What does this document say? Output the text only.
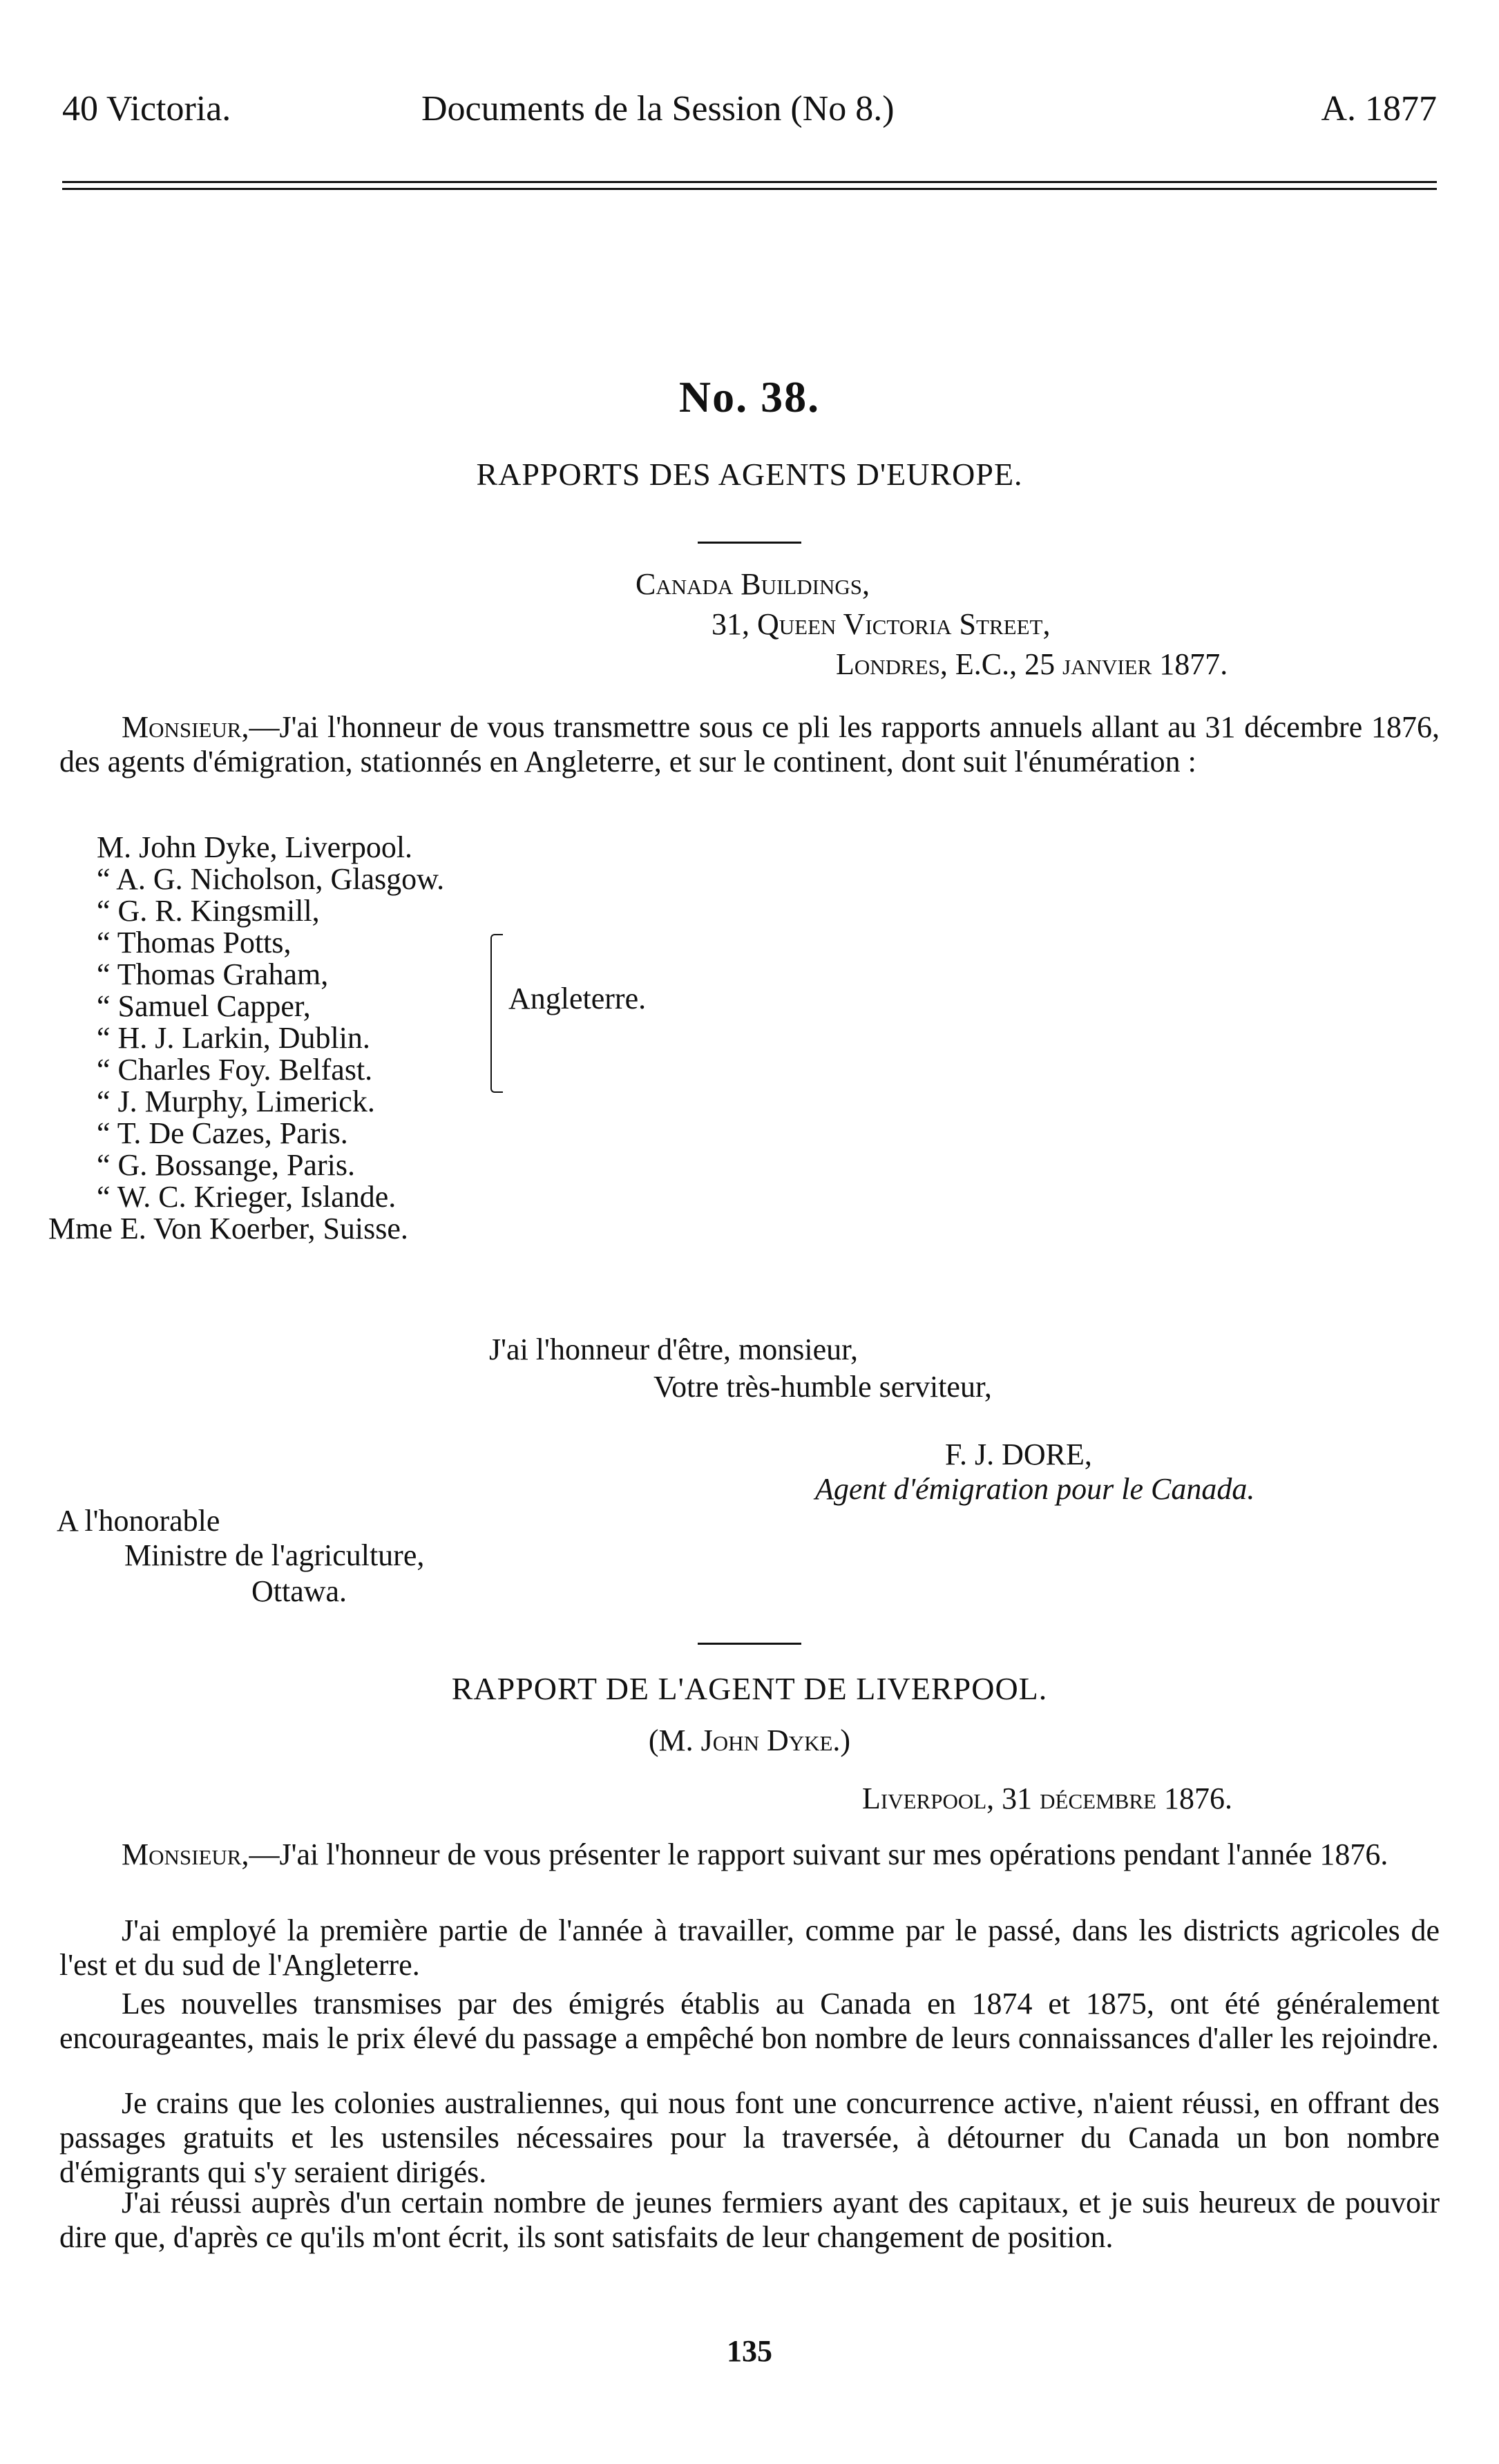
40 Victoria.	Documents de la Session (No 8.)	A. 1877
No. 38.
RAPPORTS DES AGENTS D'EUROPE.
Canada Buildings,
31, Queen Victoria Street,
Londres, E.C., 25 janvier 1877.
Monsieur,—J'ai l'honneur de vous transmettre sous ce pli les rapports annuels allant au 31 décembre 1876, des agents d'émigration, stationnés en Angleterre, et sur le continent, dont suit l'énumération :
M. John Dyke, Liverpool.
“ A. G. Nicholson, Glasgow.
“ G. R. Kingsmill,
“ Thomas Potts,
“ Thomas Graham,
“ Samuel Capper,
“ H. J. Larkin, Dublin.
“ Charles Foy. Belfast.
“ J. Murphy, Limerick.
“ T. De Cazes, Paris.
“ G. Bossange, Paris.
“ W. C. Krieger, Islande.
Mme E. Von Koerber, Suisse.
Angleterre.
J'ai l'honneur d'être, monsieur,
Votre très-humble serviteur,
F. J. DORE,
Agent d'émigration pour le Canada.
A l'honorable
Ministre de l'agriculture,
Ottawa.
RAPPORT DE L'AGENT DE LIVERPOOL.
(M. John Dyke.)
Liverpool, 31 décembre 1876.
Monsieur,—J'ai l'honneur de vous présenter le rapport suivant sur mes opérations pendant l'année 1876.
J'ai employé la première partie de l'année à travailler, comme par le passé, dans les districts agricoles de l'est et du sud de l'Angleterre.
Les nouvelles transmises par des émigrés établis au Canada en 1874 et 1875, ont été généralement encourageantes, mais le prix élevé du passage a empêché bon nombre de leurs connaissances d'aller les rejoindre.
Je crains que les colonies australiennes, qui nous font une concurrence active, n'aient réussi, en offrant des passages gratuits et les ustensiles nécessaires pour la traversée, à détourner du Canada un bon nombre d'émigrants qui s'y seraient dirigés.
J'ai réussi auprès d'un certain nombre de jeunes fermiers ayant des capitaux, et je suis heureux de pouvoir dire que, d'après ce qu'ils m'ont écrit, ils sont satisfaits de leur changement de position.
135
